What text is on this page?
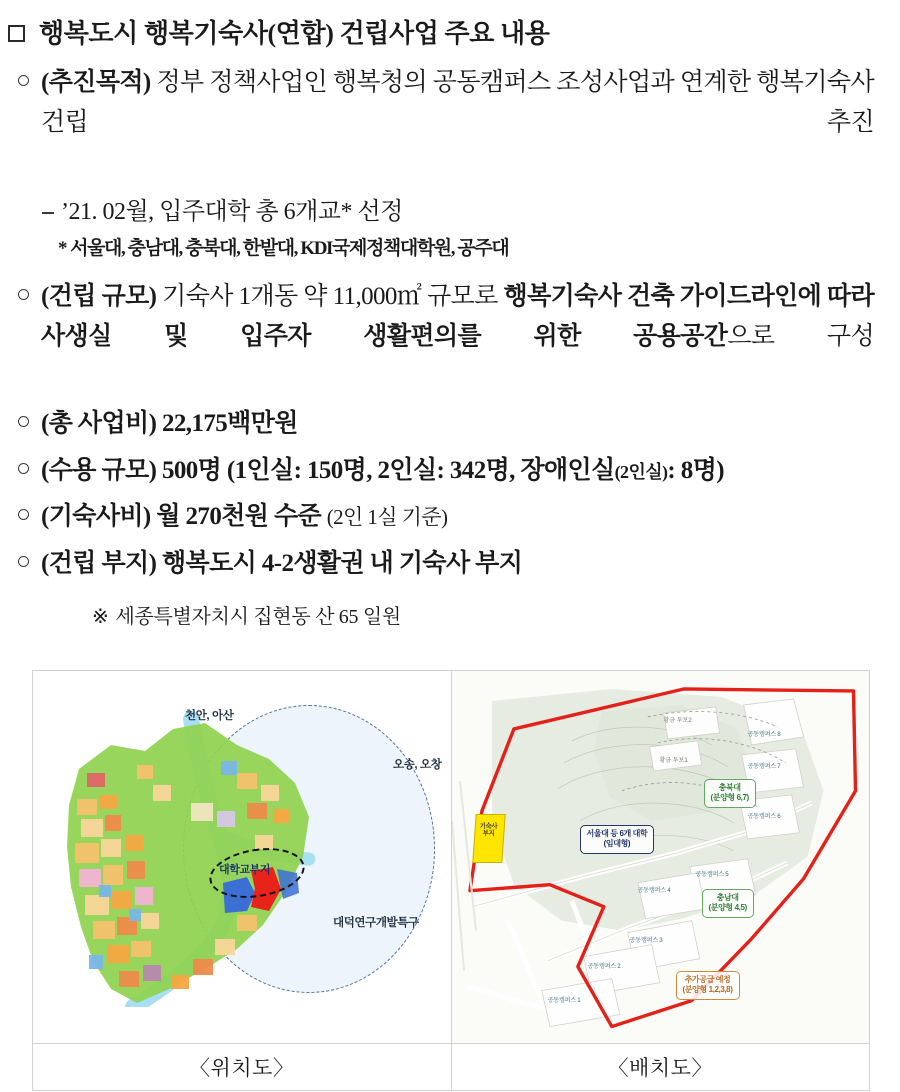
행복도시 행복기숙사(연합) 건립사업 주요 내용
(추진목적) 정부 정책사업인 행복청의 공동캠퍼스 조성사업과 연계한 행복기숙사 건립 추진
’21. 02월, 입주대학 총 6개교* 선정
* 서울대, 충남대, 충북대, 한밭대, KDI국제정책대학원, 공주대
(건립 규모) 기숙사 1개동 약 11,000㎡ 규모로 행복기숙사 건축 가이드라인에 따라 사생실 및 입주자 생활편의를 위한 공용공간으로 구성
(총 사업비) 22,175백만원
(수용 규모) 500명 (1인실: 150명, 2인실: 342명, 장애인실(2인실): 8명)
(기숙사비) 월 270천원 수준 (2인 1실 기준)
(건립 부지) 행복도시 4-2생활권 내 기숙사 부지
※ 세종특별자치시 집현동 산 65 일원
천안, 아산
오송, 오창
대학교부지
대덕연구개발특구

기숙사
부지	서울대 등 6개 대학
(임대형)
충북대
(분양형 6,7)
충남대
(분양형 4,5)
추가공급 예정
(분양형 1,2,3,8)
공동캠퍼스 8
공동캠퍼스 7
공동캠퍼스 6
공동캠퍼스 5
공동캠퍼스 4
공동캠퍼스 3
공동캠퍼스 2
공동캠퍼스 1
황금 투보2
황금 투보1

〈위치도〉	〈배치도〉
